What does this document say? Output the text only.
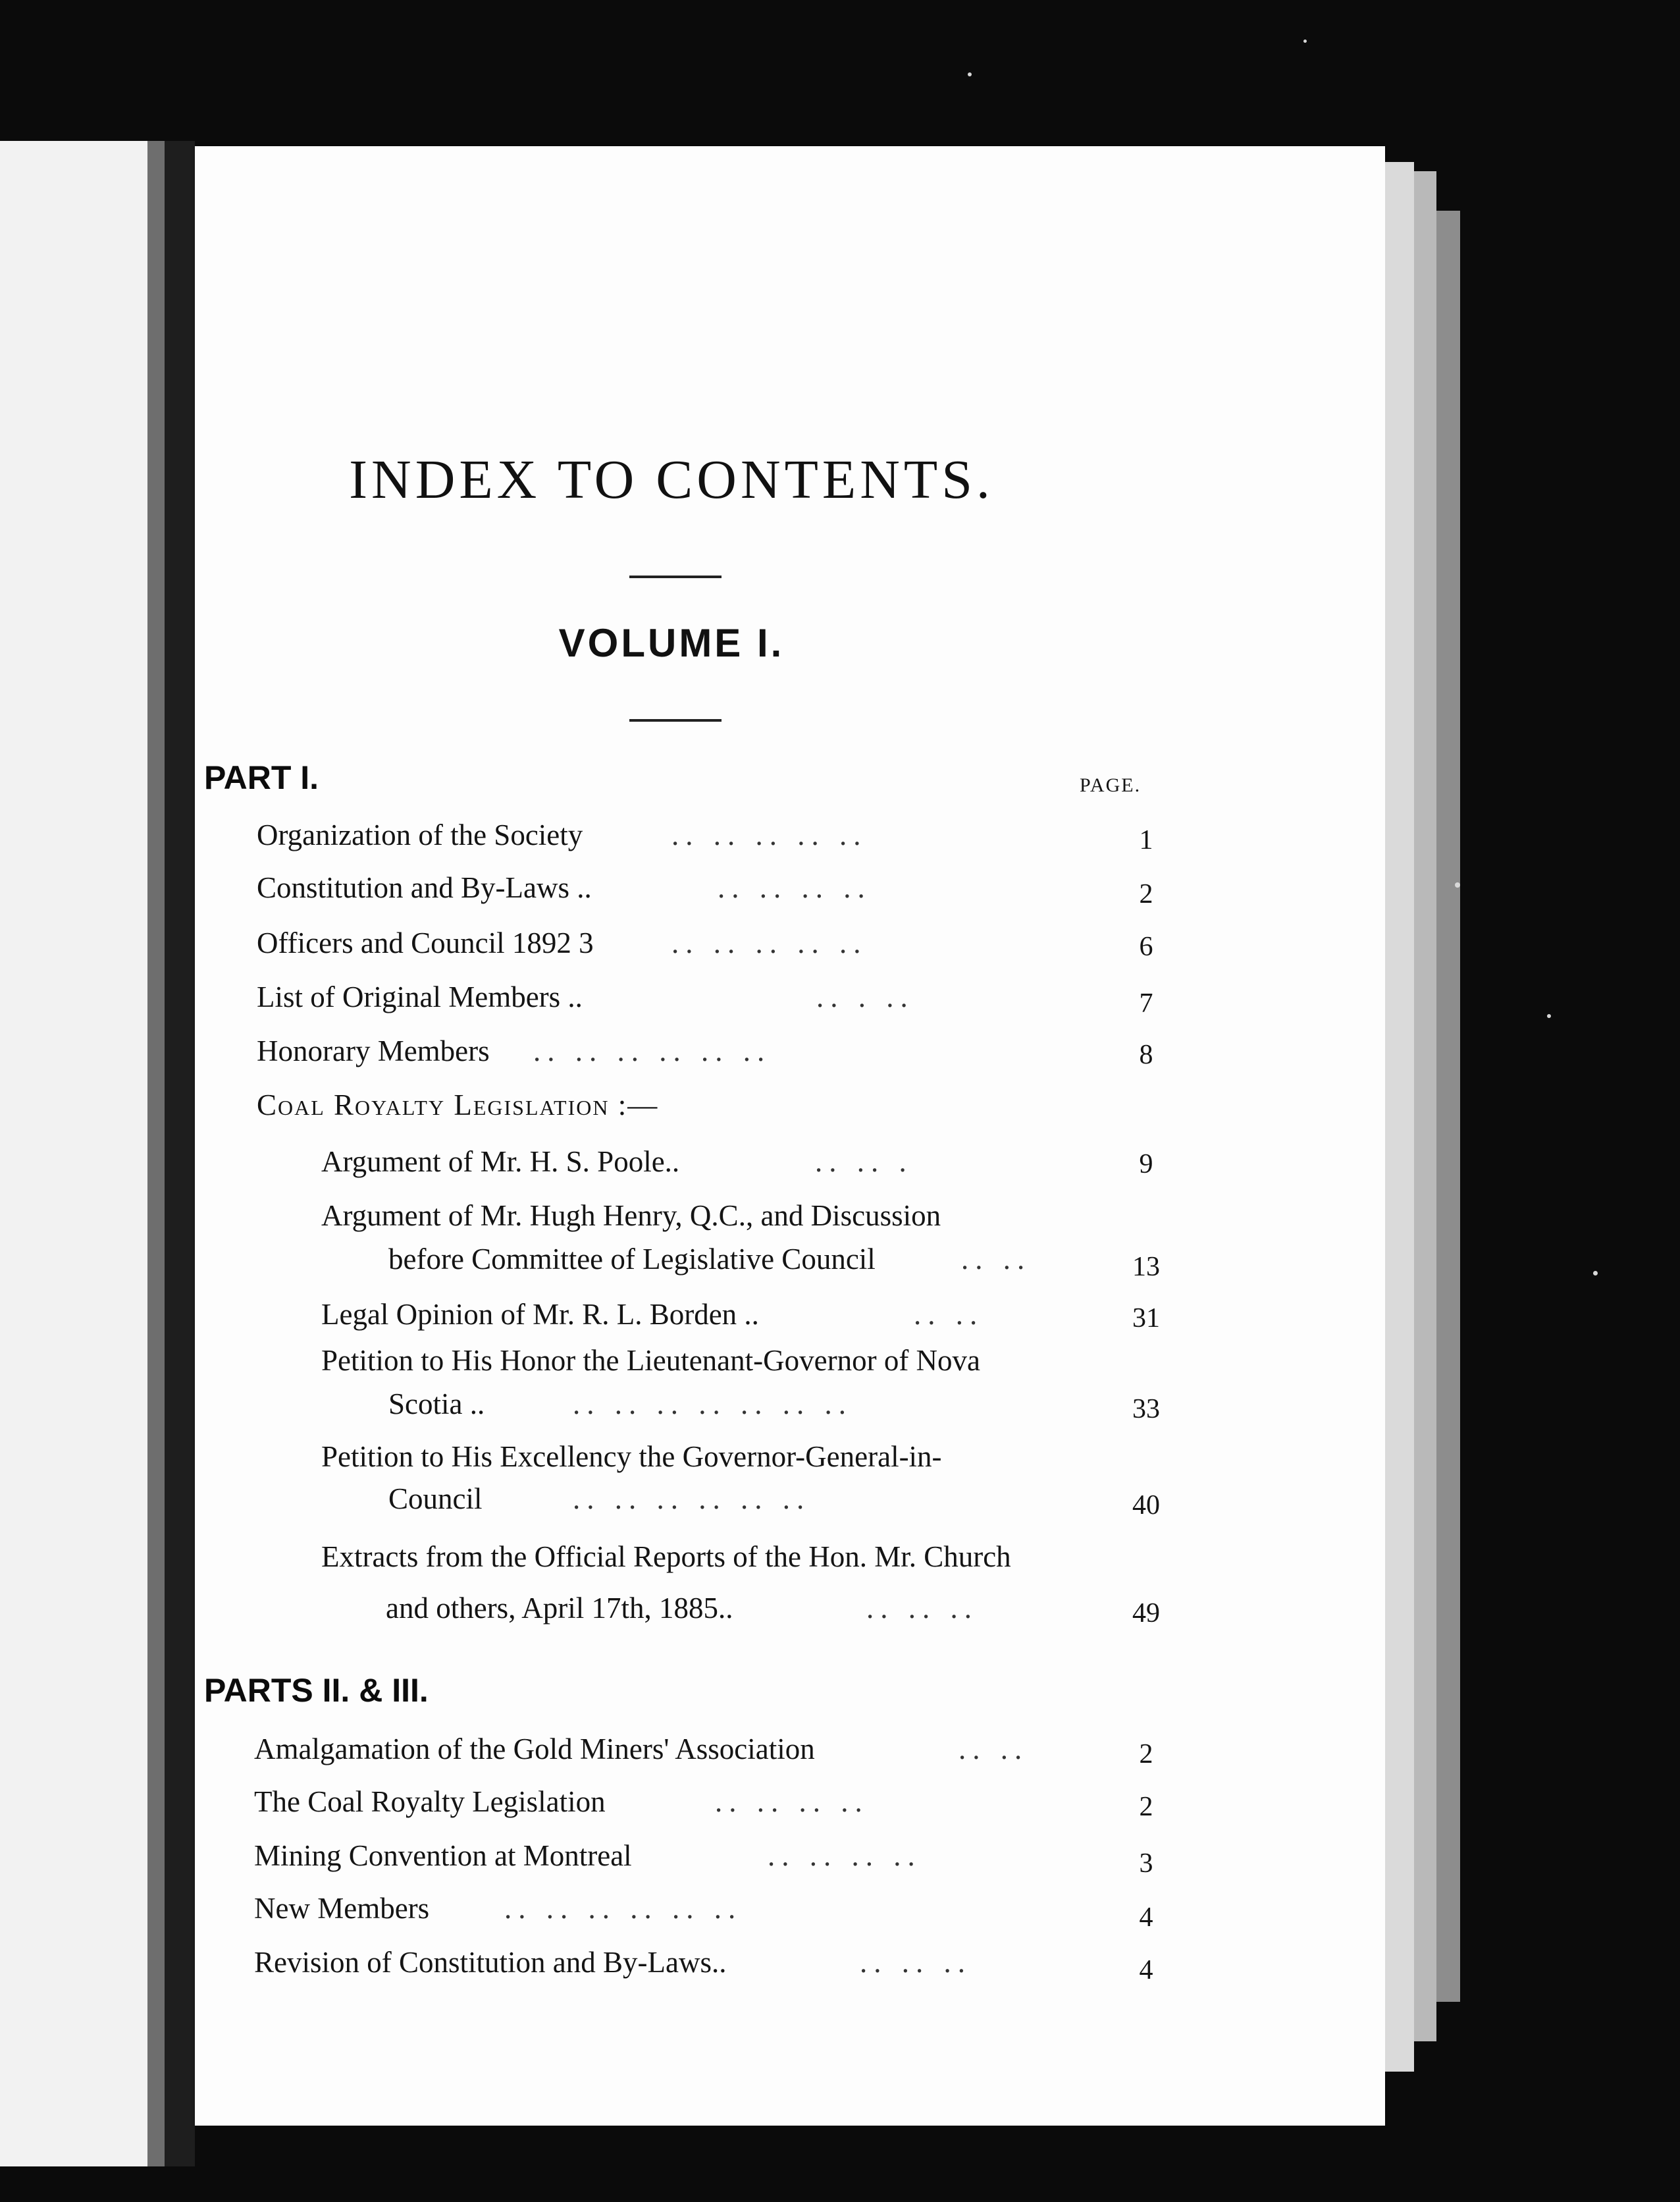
INDEX TO CONTENTS.
VOLUME I.
PART I.	PAGE.
Organization of the Society	.. .. .. .. ..	1
Constitution and By-Laws ..	.. .. .. ..	2
Officers and Council 1892 3	.. .. .. .. ..	6
List of Original Members ..	.. . ..	7
Honorary Members .. .. .. .. .. ..	8
Coal Royalty Legislation :—
Argument of Mr. H. S. Poole..	.. .. .	9
Argument of Mr. Hugh Henry, Q.C., and Discussion
before Committee of Legislative Council	.. ..	13
Legal Opinion of Mr. R. L. Borden ..	.. ..	31
Petition to His Honor the Lieutenant-Governor of Nova
Scotia ..	.. .. .. .. .. .. ..	33
Petition to His Excellency the Governor-General-in-
Council	.. .. .. .. .. ..	40
Extracts from the Official Reports of the Hon. Mr. Church
and others, April 17th, 1885..	.. .. ..	49
PARTS II. & III.
Amalgamation of the Gold Miners' Association	.. ..	2
The Coal Royalty Legislation	.. .. .. ..	2
Mining Convention at Montreal	.. .. .. ..	3
New Members	.. .. .. .. .. ..	4
Revision of Constitution and By-Laws..	.. .. ..	4
